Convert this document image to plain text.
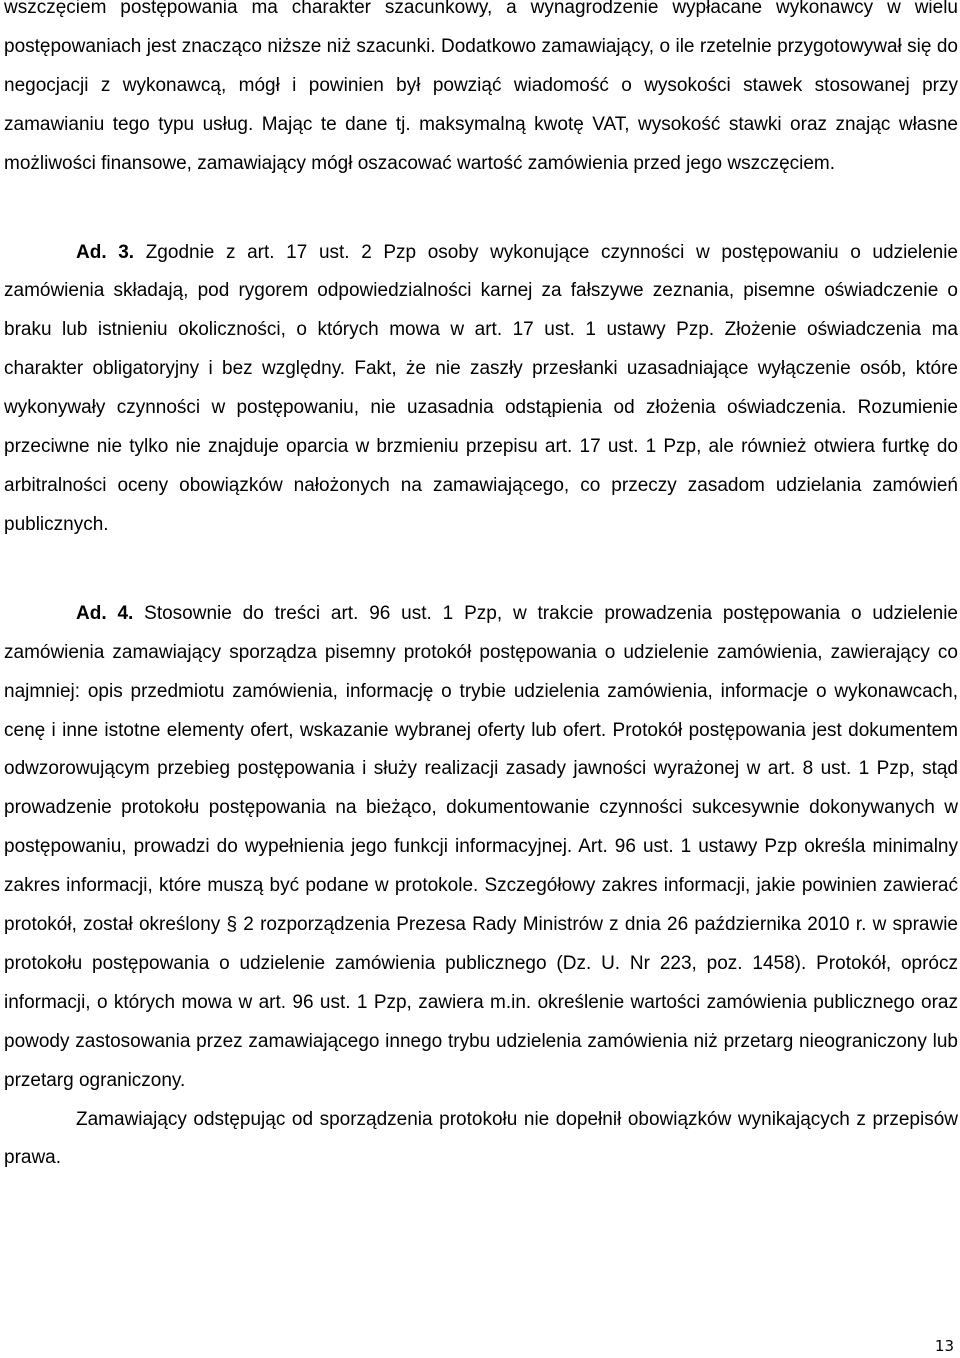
wszczęciem postępowania ma charakter szacunkowy, a wynagrodzenie wypłacane wykonawcy w wielu postępowaniach jest znacząco niższe niż szacunki. Dodatkowo zamawiający, o ile rzetelnie przygotowywał się do negocjacji z wykonawcą, mógł i powinien był powziąć wiadomość o wysokości stawek stosowanej przy zamawianiu tego typu usług. Mając te dane tj. maksymalną kwotę VAT, wysokość stawki oraz znając własne możliwości finansowe, zamawiający mógł oszacować wartość zamówienia przed jego wszczęciem.

Ad. 3. Zgodnie z art. 17 ust. 2 Pzp osoby wykonujące czynności w postępowaniu o udzielenie zamówienia składają, pod rygorem odpowiedzialności karnej za fałszywe zeznania, pisemne oświadczenie o braku lub istnieniu okoliczności, o których mowa w art. 17 ust. 1 ustawy Pzp. Złożenie oświadczenia ma charakter obligatoryjny i bez względny. Fakt, że nie zaszły przesłanki uzasadniające wyłączenie osób, które wykonywały czynności w postępowaniu, nie uzasadnia odstąpienia od złożenia oświadczenia. Rozumienie przeciwne nie tylko nie znajduje oparcia w brzmieniu przepisu art. 17 ust. 1 Pzp, ale również otwiera furtkę do arbitralności oceny obowiązków nałożonych na zamawiającego, co przeczy zasadom udzielania zamówień publicznych.

Ad. 4. Stosownie do treści art. 96 ust. 1 Pzp, w trakcie prowadzenia postępowania o udzielenie zamówienia zamawiający sporządza pisemny protokół postępowania o udzielenie zamówienia, zawierający co najmniej: opis przedmiotu zamówienia, informację o trybie udzielenia zamówienia, informacje o wykonawcach, cenę i inne istotne elementy ofert, wskazanie wybranej oferty lub ofert. Protokół postępowania jest dokumentem odwzorowującym przebieg postępowania i służy realizacji zasady jawności wyrażonej w art. 8 ust. 1 Pzp, stąd prowadzenie protokołu postępowania na bieżąco, dokumentowanie czynności sukcesywnie dokonywanych w postępowaniu, prowadzi do wypełnienia jego funkcji informacyjnej. Art. 96 ust. 1 ustawy Pzp określa minimalny zakres informacji, które muszą być podane w protokole. Szczegółowy zakres informacji, jakie powinien zawierać protokół, został określony § 2 rozporządzenia Prezesa Rady Ministrów z dnia 26 października 2010 r. w sprawie protokołu postępowania o udzielenie zamówienia publicznego (Dz. U. Nr 223, poz. 1458). Protokół, oprócz informacji, o których mowa w art. 96 ust. 1 Pzp, zawiera m.in. określenie wartości zamówienia publicznego oraz powody zastosowania przez zamawiającego innego trybu udzielenia zamówienia niż przetarg nieograniczony lub przetarg ograniczony.

Zamawiający odstępując od sporządzenia protokołu nie dopełnił obowiązków wynikających z przepisów prawa.

13
